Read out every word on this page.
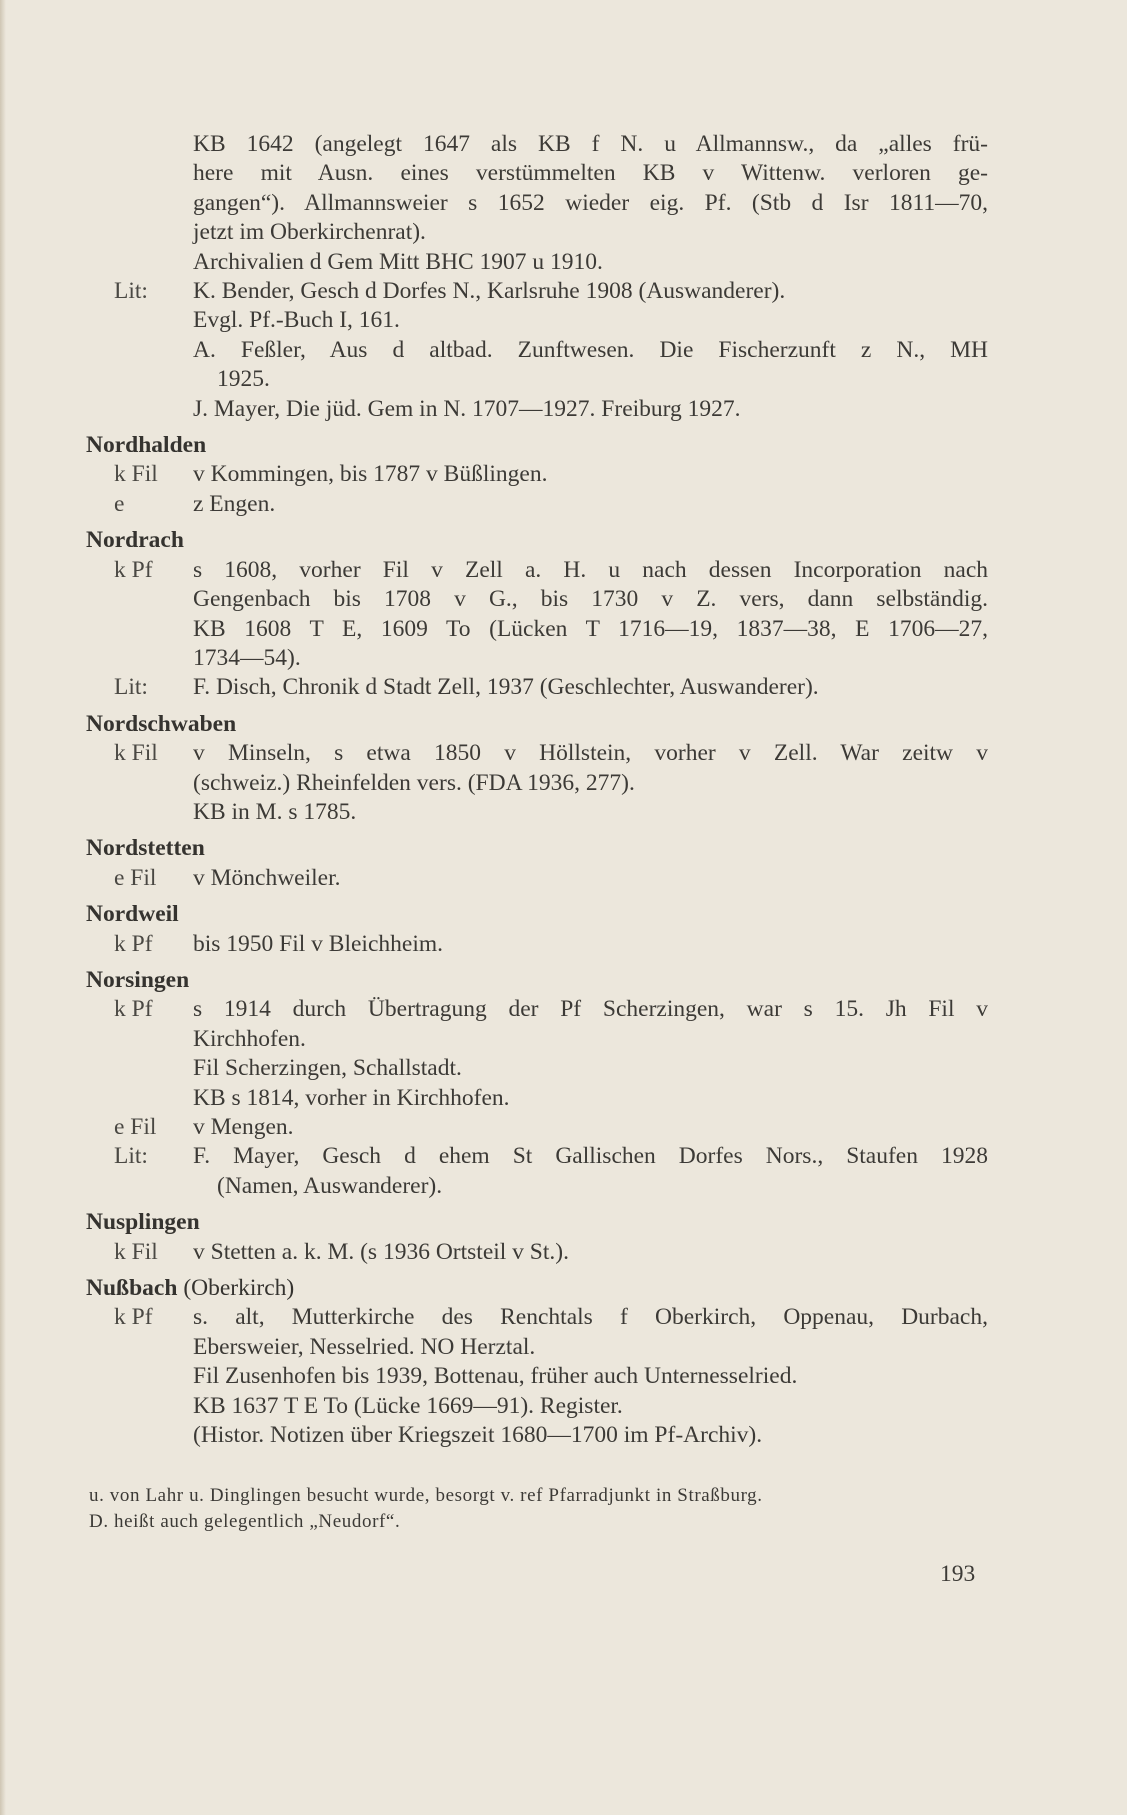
KB 1642 (angelegt 1647 als KB f N. u Allmannsw., da „alles frü-
here mit Ausn. eines verstümmelten KB v Wittenw. verloren ge-
gangen“). Allmannsweier s 1652 wieder eig. Pf. (Stb d Isr 1811—70,
jetzt im Oberkirchenrat).
Archivalien d Gem Mitt BHC 1907 u 1910.
Lit: K. Bender, Gesch d Dorfes N., Karlsruhe 1908 (Auswanderer).
Evgl. Pf.-Buch I, 161.
A. Feßler, Aus d altbad. Zunftwesen. Die Fischerzunft z N., MH
1925.
J. Mayer, Die jüd. Gem in N. 1707—1927. Freiburg 1927.
Nordhalden
k Fil v Kommingen, bis 1787 v Büßlingen.
e	z Engen.
Nordrach
k Pf s 1608, vorher Fil v Zell a. H. u nach dessen Incorporation nach
Gengenbach bis 1708 v G., bis 1730 v Z. vers, dann selbständig.
KB 1608 T E, 1609 To (Lücken T 1716—19, 1837—38, E 1706—27,
1734—54).
Lit: F. Disch, Chronik d Stadt Zell, 1937 (Geschlechter, Auswanderer).
Nordschwaben
k Fil v Minseln, s etwa 1850 v Höllstein, vorher v Zell. War zeitw v
(schweiz.) Rheinfelden vers. (FDA 1936, 277).
KB in M. s 1785.
Nordstetten
e Fil v Mönchweiler.
Nordweil
k Pf bis 1950 Fil v Bleichheim.
Norsingen
k Pf s 1914 durch Übertragung der Pf Scherzingen, war s 15. Jh Fil v
Kirchhofen.
Fil Scherzingen, Schallstadt.
KB s 1814, vorher in Kirchhofen.
e Fil v Mengen.
Lit: F. Mayer, Gesch d ehem St Gallischen Dorfes Nors., Staufen 1928
(Namen, Auswanderer).
Nusplingen
k Fil v Stetten a. k. M. (s 1936 Ortsteil v St.).
Nußbach (Oberkirch)
k Pf s. alt, Mutterkirche des Renchtals f Oberkirch, Oppenau, Durbach,
Ebersweier, Nesselried. NO Herztal.
Fil Zusenhofen bis 1939, Bottenau, früher auch Unternesselried.
KB 1637 T E To (Lücke 1669—91). Register.
(Histor. Notizen über Kriegszeit 1680—1700 im Pf-Archiv).
u. von Lahr u. Dinglingen besucht wurde, besorgt v. ref Pfarradjunkt in Straßburg.
D. heißt auch gelegentlich „Neudorf“.
193
